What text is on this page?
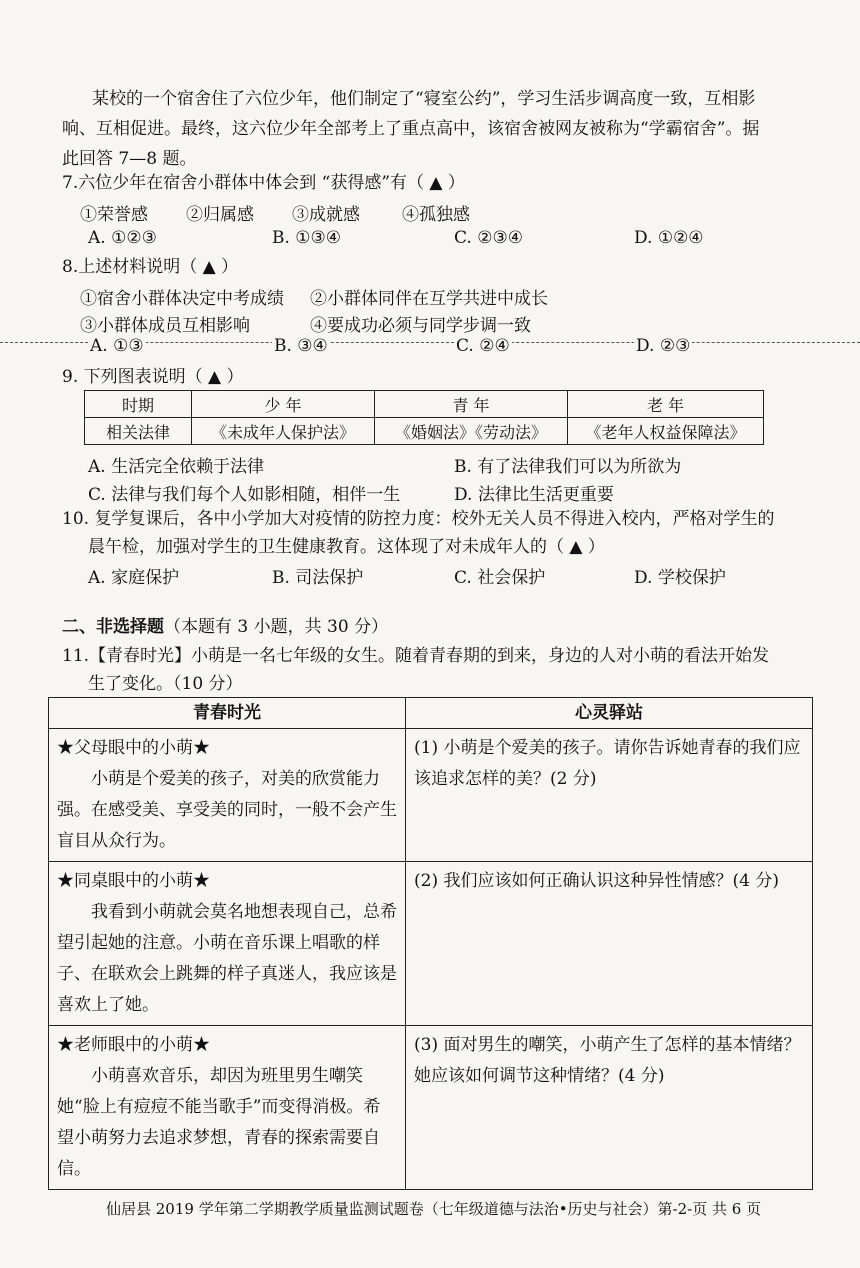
某校的一个宿舍住了六位少年，他们制定了“寝室公约”，学习生活步调高度一致，互相影
响、互相促进。最终，这六位少年全部考上了重点高中，该宿舍被网友被称为“学霸宿舍”。据
此回答 7—8 题。
7.六位少年在宿舍小群体中体会到 “获得感”有（ ▲ ）
①荣誉感 ②归属感 ③成就感 ④孤独感
A. ①②③	B. ①③④	C. ②③④	D. ①②④
8.上述材料说明（ ▲ ）
①宿舍小群体决定中考成绩 ②小群体同伴在互学共进中成长
③小群体成员互相影响	④要成功必须与同学步调一致
A. ①③	B. ③④	C. ②④	D. ②③
9. 下列图表说明（ ▲ ）
时期	少 年	青 年	老 年
相关法律	《未成年人保护法》	《婚姻法》《劳动法》	《老年人权益保障法》
A. 生活完全依赖于法律	B. 有了法律我们可以为所欲为
C. 法律与我们每个人如影相随，相伴一生	D. 法律比生活更重要
10. 复学复课后，各中小学加大对疫情的防控力度：校外无关人员不得进入校内，严格对学生的
晨午检，加强对学生的卫生健康教育。这体现了对未成年人的（ ▲ ）
A. 家庭保护	B. 司法保护	C. 社会保护	D. 学校保护
二、非选择题（本题有 3 小题，共 30 分）
11.【青春时光】小萌是一名七年级的女生。随着青春期的到来，身边的人对小萌的看法开始发
生了变化。（10 分）
青春时光	心灵驿站

★父母眼中的小萌★
小萌是个爱美的孩子，对美的欣赏能力强。在感受美、享受美的同时，一般不会产生盲目从众行为。	(1) 小萌是个爱美的孩子。请你告诉她青春的我们应该追求怎样的美？(2 分)

★同桌眼中的小萌★
我看到小萌就会莫名地想表现自己，总希望引起她的注意。小萌在音乐课上唱歌的样子、在联欢会上跳舞的样子真迷人，我应该是喜欢上了她。	(2) 我们应该如何正确认识这种异性情感？(4 分)

★老师眼中的小萌★
小萌喜欢音乐，却因为班里男生嘲笑她“脸上有痘痘不能当歌手”而变得消极。希望小萌努力去追求梦想，青春的探索需要自信。	(3) 面对男生的嘲笑，小萌产生了怎样的基本情绪？她应该如何调节这种情绪？(4 分)
仙居县 2019 学年第二学期教学质量监测试题卷（七年级道德与法治•历史与社会）第-2-页 共 6 页
